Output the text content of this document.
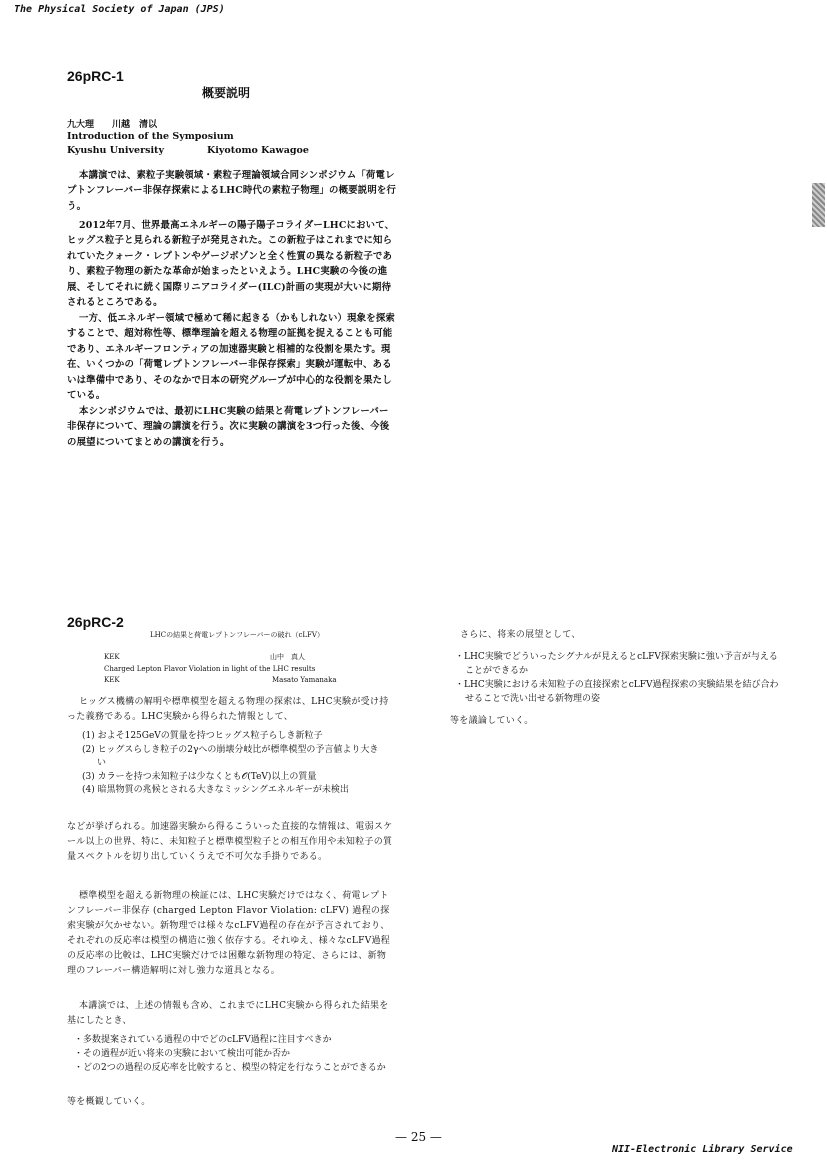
The Physical Society of Japan (JPS)
NII-Electronic Library Service
— 25 —
26pRC-1
概要説明
九大理　　川越　清以
Introduction of the Symposium
Kyushu University	Kiyotomo Kawagoe
本講演では、素粒子実験領域・素粒子理論領域合同シンポジウム「荷電レプトンフレーバー非保存探索によるLHC時代の素粒子物理」の概要説明を行う。
2012年7月、世界最高エネルギーの陽子陽子コライダーLHCにおいて、ヒッグス粒子と見られる新粒子が発見された。この新粒子はこれまでに知られていたクォーク・レプトンやゲージボゾンと全く性質の異なる新粒子であり、素粒子物理の新たな革命が始まったといえよう。LHC実験の今後の進展、そしてそれに続く国際リニアコライダー(ILC)計画の実現が大いに期待されるところである。
一方、低エネルギー領域で極めて稀に起きる（かもしれない）現象を探索することで、超対称性等、標準理論を超える物理の証拠を捉えることも可能であり、エネルギーフロンティアの加速器実験と相補的な役割を果たす。現在、いくつかの「荷電レプトンフレーバー非保存探索」実験が運転中、あるいは準備中であり、そのなかで日本の研究グループが中心的な役割を果たしている。
本シンポジウムでは、最初にLHC実験の結果と荷電レプトンフレーバー非保存について、理論の講演を行う。次に実験の講演を3つ行った後、今後の展望についてまとめの講演を行う。
26pRC-2
LHCの結果と荷電レプトンフレーバーの破れ（cLFV）
KEK	山中　真人
Charged Lepton Flavor Violation in light of the LHC results
KEK	Masato Yamanaka
ヒッグス機構の解明や標準模型を超える物理の探索は、LHC実験が受け持った義務である。LHC実験から得られた情報として、
(1) およそ125GeVの質量を持つヒッグス粒子らしき新粒子
(2) ヒッグスらしき粒子の2γへの崩壊分岐比が標準模型の予言値より大きい
(3) カラーを持つ未知粒子は少なくとも𝒪(TeV)以上の質量
(4) 暗黒物質の兆候とされる大きなミッシングエネルギーが未検出
などが挙げられる。加速器実験から得るこういった直接的な情報は、電弱スケール以上の世界、特に、未知粒子と標準模型粒子との相互作用や未知粒子の質量スペクトルを切り出していくうえで不可欠な手掛りである。
標準模型を超える新物理の検証には、LHC実験だけではなく、荷電レプトンフレーバー非保存 (charged Lepton Flavor Violation: cLFV) 過程の探索実験が欠かせない。新物理では様々なcLFV過程の存在が予言されており、それぞれの反応率は模型の構造に強く依存する。それゆえ、様々なcLFV過程の反応率の比較は、LHC実験だけでは困難な新物理の特定、さらには、新物理のフレーバー構造解明に対し強力な道具となる。
本講演では、上述の情報も含め、これまでにLHC実験から得られた結果を基にしたとき、
・多数提案されている過程の中でどのcLFV過程に注目すべきか
・その過程が近い将来の実験において検出可能か否か
・どの2つの過程の反応率を比較すると、模型の特定を行なうことができるか
等を概観していく。
さらに、将来の展望として、
・LHC実験でどういったシグナルが見えるとcLFV探索実験に強い予言が与えることができるか
・LHC実験における未知粒子の直接探索とcLFV過程探索の実験結果を結び合わせることで洗い出せる新物理の姿
等を議論していく。
